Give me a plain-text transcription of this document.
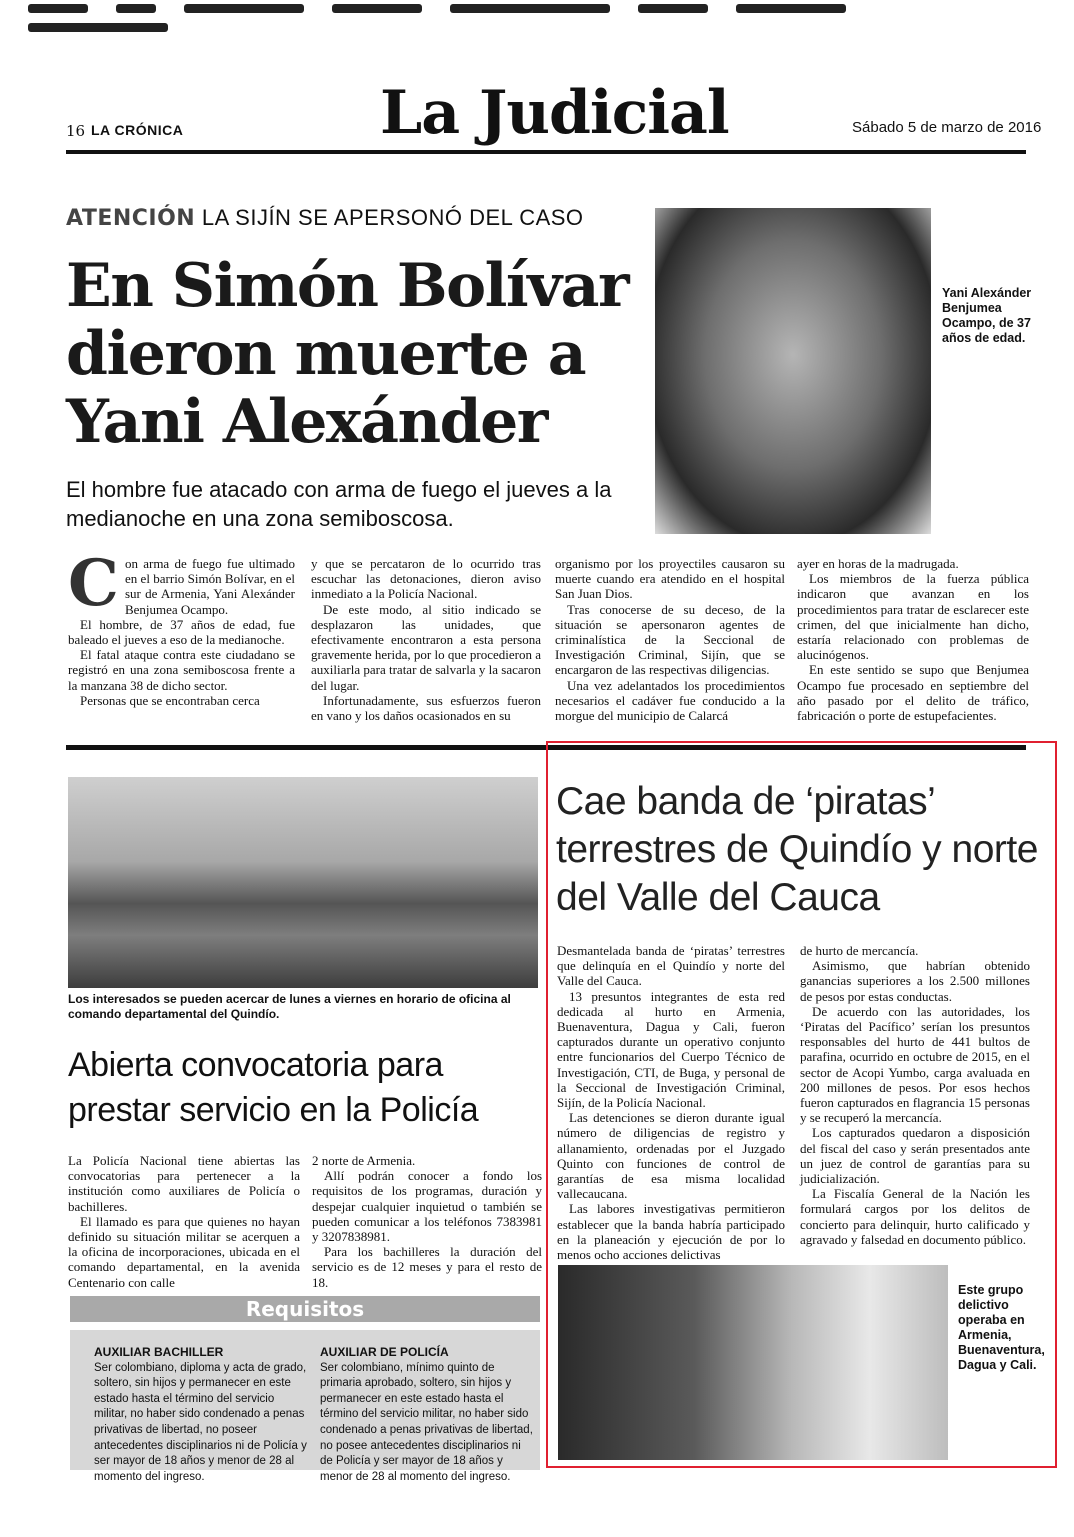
16 LA CRÓNICA	La Judicial	Sábado 5 de marzo de 2016
ATENCIÓN LA SIJÍN SE APERSONÓ DEL CASO
En Simón Bolívar dieron muerte a Yani Alexánder
El hombre fue atacado con arma de fuego el jueves a la medianoche en una zona semiboscosa.
Yani Alexánder Benjumea Ocampo, de 37 años de edad.
C on arma de fuego fue ultimado en el barrio Simón Bolívar, en el sur de Armenia, Yani Alexánder Benjumea Ocampo.

El hombre, de 37 años de edad, fue baleado el jueves a eso de la medianoche.

El fatal ataque contra este ciudadano se registró en una zona semiboscosa frente a la manzana 38 de dicho sector.

Personas que se encontraban cerca

y que se percataron de lo ocurrido tras escuchar las detonaciones, dieron aviso inmediato a la Policía Nacional.

De este modo, al sitio indicado se desplazaron las unidades, que efectivamente encontraron a esta persona gravemente herida, por lo que procedieron a auxiliarla para tratar de salvarla y la sacaron del lugar.

Infortunadamente, sus esfuerzos fueron en vano y los daños ocasionados en su

organismo por los proyectiles causaron su muerte cuando era atendido en el hospital San Juan Dios.

Tras conocerse de su deceso, de la situación se apersonaron agentes de criminalística de la Seccional de Investigación Criminal, Sijín, que se encargaron de las respectivas diligencias.

Una vez adelantados los procedimientos necesarios el cadáver fue conducido a la morgue del municipio de Calarcá

ayer en horas de la madrugada.

Los miembros de la fuerza pública indicaron que avanzan en los procedimientos para tratar de esclarecer este crimen, del que inicialmente han dicho, estaría relacionado con problemas de alucinógenos.

En este sentido se supo que Benjumea Ocampo fue procesado en septiembre del año pasado por el delito de tráfico, fabricación o porte de estupefacientes.

Los interesados se pueden acercar de lunes a viernes en horario de oficina al comando departamental del Quindío.
Abierta convocatoria para prestar servicio en la Policía

La Policía Nacional tiene abiertas las convocatorias para pertenecer a la institución como auxiliares de Policía o bachilleres.

El llamado es para que quienes no hayan definido su situación militar se acerquen a la oficina de incorporaciones, ubicada en el comando departamental, en la avenida Centenario con calle

2 norte de Armenia.

Allí podrán conocer a fondo los requisitos de los programas, duración y despejar cualquier inquietud o también se pueden comunicar a los teléfonos 7383981 y 3207838981.

Para los bachilleres la duración del servicio es de 12 meses y para el resto de 18.

Requisitos
AUXILIAR BACHILLER
Ser colombiano, diploma y acta de grado, soltero, sin hijos y permanecer en este estado hasta el término del servicio militar, no haber sido condenado a penas privativas de libertad, no poseer antecedentes disciplinarios ni de Policía y ser mayor de 18 años y menor de 28 al momento del ingreso.
AUXILIAR DE POLICÍA
Ser colombiano, mínimo quinto de primaria aprobado, soltero, sin hijos y permanecer en este estado hasta el término del servicio militar, no haber sido condenado a penas privativas de libertad, no posee antecedentes disciplinarios ni de Policía y ser mayor de 18 años y menor de 28 al momento del ingreso.
Cae banda de ‘piratas’ terrestres de Quindío y norte del Valle del Cauca

Desmantelada banda de ‘piratas’ terrestres que delinquía en el Quindío y norte del Valle del Cauca.

13 presuntos integrantes de esta red dedicada al hurto en Armenia, Buenaventura, Dagua y Cali, fueron capturados durante un operativo conjunto entre funcionarios del Cuerpo Técnico de Investigación, CTI, de Buga, y personal de la Seccional de Investigación Criminal, Sijín, de la Policía Nacional.

Las detenciones se dieron durante igual número de diligencias de registro y allanamiento, ordenadas por el Juzgado Quinto con funciones de control de garantías de esa misma localidad vallecaucana.

Las labores investigativas permitieron establecer que la banda habría participado en la planeación y ejecución de por lo menos ocho acciones delictivas

de hurto de mercancía.

Asimismo, que habrían obtenido ganancias superiores a los 2.500 millones de pesos por estas conductas.

De acuerdo con las autoridades, los ‘Piratas del Pacífico’ serían los presuntos responsables del hurto de 441 bultos de parafina, ocurrido en octubre de 2015, en el sector de Acopi Yumbo, carga avaluada en 200 millones de pesos. Por esos hechos fueron capturados en flagrancia 15 personas y se recuperó la mercancía.

Los capturados quedaron a disposición del fiscal del caso y serán presentados ante un juez de control de garantías para su judicialización.

La Fiscalía General de la Nación les formulará cargos por los delitos de concierto para delinquir, hurto calificado y agravado y falsedad en documento público.

Este grupo delictivo operaba en Armenia, Buenaventura, Dagua y Cali.
